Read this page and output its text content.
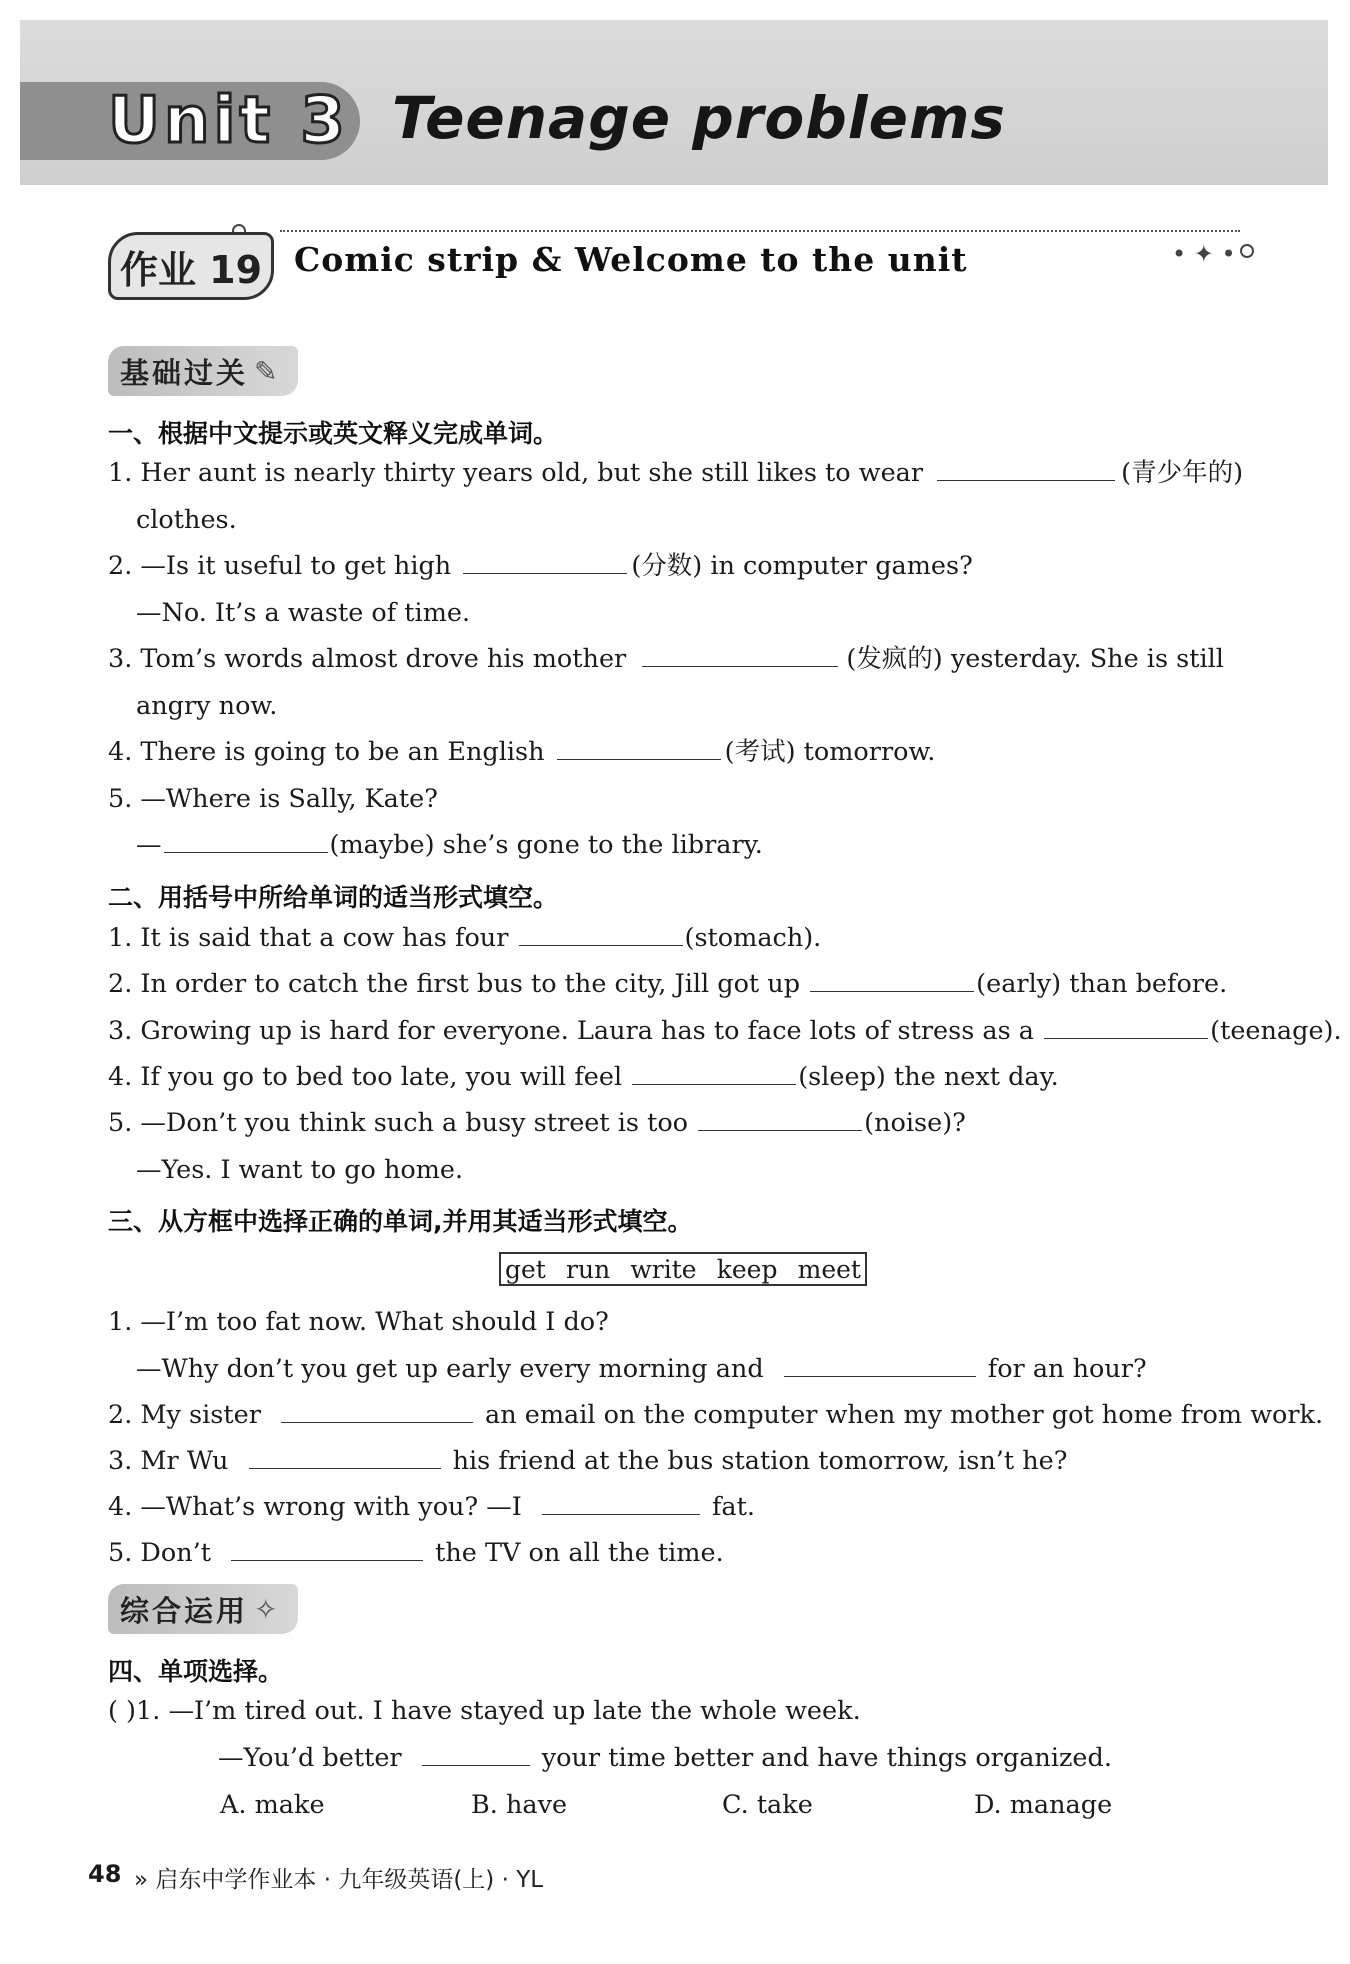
Unit 3 Teenage problems
• ✦ •
作业 19 Comic strip & Welcome to the unit
基础过关 ✎
一、根据中文提示或英文释义完成单词。
1. Her aunt is nearly thirty years old, but she still likes to wear	(青少年的)
clothes.
2. —Is it useful to get high	(分数) in computer games?
—No. It’s a waste of time.
3. Tom’s words almost drove his mother	(发疯的) yesterday. She is still
angry now.
4. There is going to be an English	(考试) tomorrow.
5. —Where is Sally, Kate?
—	(maybe) she’s gone to the library.
二、用括号中所给单词的适当形式填空。
1. It is said that a cow has four	(stomach).
2. In order to catch the first bus to the city, Jill got up	(early) than before.
3. Growing up is hard for everyone. Laura has to face lots of stress as a	(teenage).
4. If you go to bed too late, you will feel	(sleep) the next day.
5. —Don’t you think such a busy street is too	(noise)?
—Yes. I want to go home.
三、从方框中选择正确的单词,并用其适当形式填空。
get run write keep meet
1. —I’m too fat now. What should I do?
—Why don’t you get up early every morning and	for an hour?
2. My sister	an email on the computer when my mother got home from work.
3. Mr Wu	his friend at the bus station tomorrow, isn’t he?
4. —What’s wrong with you? —I	fat.
5. Don’t	the TV on all the time.
综合运用 ✧
四、单项选择。
( )1. —I’m tired out. I have stayed up late the whole week.
—You’d better	your time better and have things organized.
A. make	B. have	C. take	D. manage
48 » 启东中学作业本 · 九年级英语(上) · YL
